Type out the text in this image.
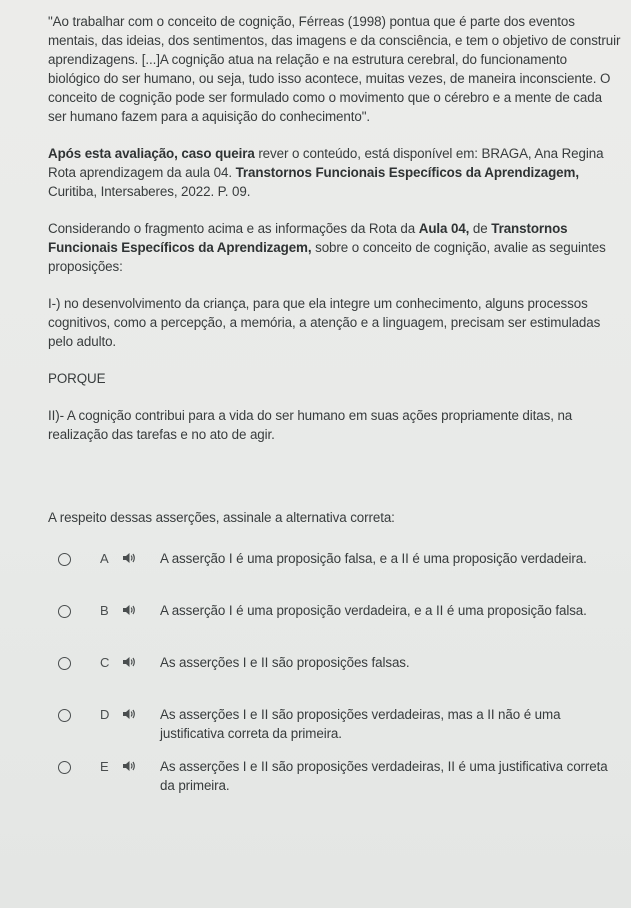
"Ao trabalhar com o conceito de cognição, Férreas (1998) pontua que é parte dos eventos mentais, das ideias, dos sentimentos, das imagens e da consciência, e tem o objetivo de construir aprendizagens. [...]A cognição atua na relação e na estrutura cerebral, do funcionamento biológico do ser humano, ou seja, tudo isso acontece, muitas vezes, de maneira inconsciente. O conceito de cognição pode ser formulado como o movimento que o cérebro e a mente de cada ser humano fazem para a aquisição do conhecimento".

Após esta avaliação, caso queira rever o conteúdo, está disponível em: BRAGA, Ana Regina Rota aprendizagem da aula 04. Transtornos Funcionais Específicos da Aprendizagem, Curitiba, Intersaberes, 2022. P. 09.

Considerando o fragmento acima e as informações da Rota da Aula 04, de Transtornos Funcionais Específicos da Aprendizagem, sobre o conceito de cognição, avalie as seguintes proposições:

I-) no desenvolvimento da criança, para que ela integre um conhecimento, alguns processos cognitivos, como a percepção, a memória, a atenção e a linguagem, precisam ser estimuladas pelo adulto.

PORQUE

II)- A cognição contribui para a vida do ser humano em suas ações propriamente ditas, na realização das tarefas e no ato de agir.

A respeito dessas asserções, assinale a alternativa correta:

A	A asserção I é uma proposição falsa, e a II é uma proposição verdadeira.
B	A asserção I é uma proposição verdadeira, e a II é uma proposição falsa.
C	As asserções I e II são proposições falsas.
D	As asserções I e II são proposições verdadeiras, mas a II não é uma justificativa correta da primeira.
E	As asserções I e II são proposições verdadeiras, II é uma justificativa correta da primeira.
